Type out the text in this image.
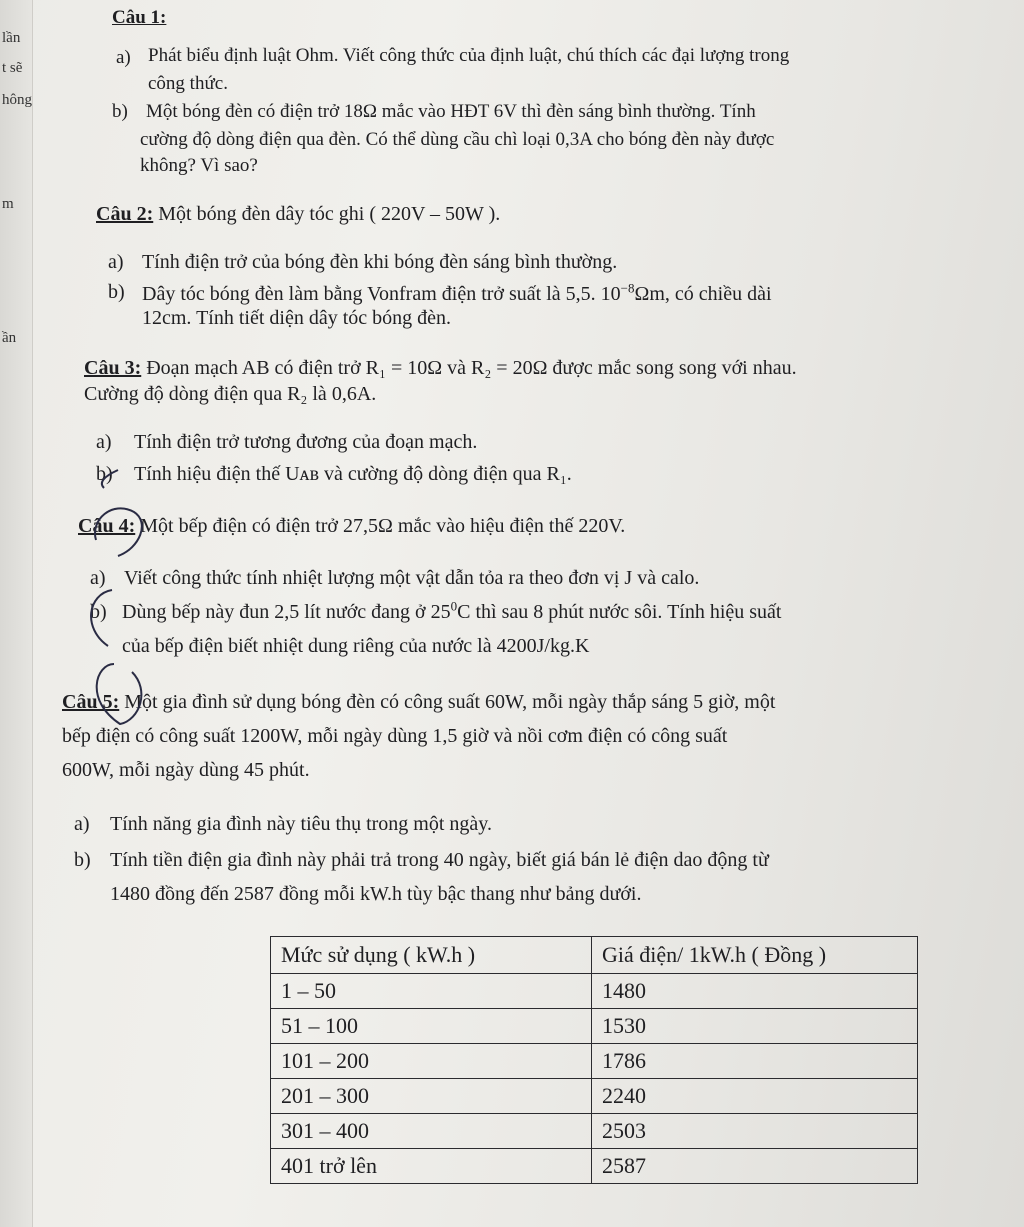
lần
t sẽ
hông
m
ần
Câu 1:
a) Phát biểu định luật Ohm. Viết công thức của định luật, chú thích các đại lượng trong
công thức.
b) Một bóng đèn có điện trở 18Ω mắc vào HĐT 6V thì đèn sáng bình thường. Tính
cường độ dòng điện qua đèn. Có thể dùng cầu chì loại 0,3A cho bóng đèn này được
không? Vì sao?
Câu 2: Một bóng đèn dây tóc ghi ( 220V – 50W ).
a) Tính điện trở của bóng đèn khi bóng đèn sáng bình thường.
b) Dây tóc bóng đèn làm bằng Vonfram điện trở suất là 5,5. $10^{-8}\Omega m$, có chiều dài
12cm. Tính tiết diện dây tóc bóng đèn.
Câu 3: Đoạn mạch AB có điện trở R₁ = 10Ω và R₂ = 20Ω được mắc song song với nhau.
Cường độ dòng điện qua R₂ là 0,6A.
a) Tính điện trở tương đương của đoạn mạch.
b) Tính hiệu điện thế Uᴀʙ và cường độ dòng điện qua R₁.
Câu 4: Một bếp điện có điện trở 27,5Ω mắc vào hiệu điện thế 220V.
a) Viết công thức tính nhiệt lượng một vật dẫn tỏa ra theo đơn vị J và calo.
b) Dùng bếp này đun 2,5 lít nước đang ở $25^0C$ thì sau 8 phút nước sôi. Tính hiệu suất
của bếp điện biết nhiệt dung riêng của nước là 4200J/kg.K
Câu 5: Một gia đình sử dụng bóng đèn có công suất 60W, mỗi ngày thắp sáng 5 giờ, một
bếp điện có công suất 1200W, mỗi ngày dùng 1,5 giờ và nồi cơm điện có công suất
600W, mỗi ngày dùng 45 phút.
a) Tính năng gia đình này tiêu thụ trong một ngày.
b) Tính tiền điện gia đình này phải trả trong 40 ngày, biết giá bán lẻ điện dao động từ
1480 đồng đến 2587 đồng mỗi kW.h tùy bậc thang như bảng dưới.
Mức sử dụng ( kW.h )	Giá điện/ 1kW.h ( Đồng )
1 – 50	1480
51 – 100	1530
101 – 200	1786
201 – 300	2240
301 – 400	2503
401 trở lên	2587
